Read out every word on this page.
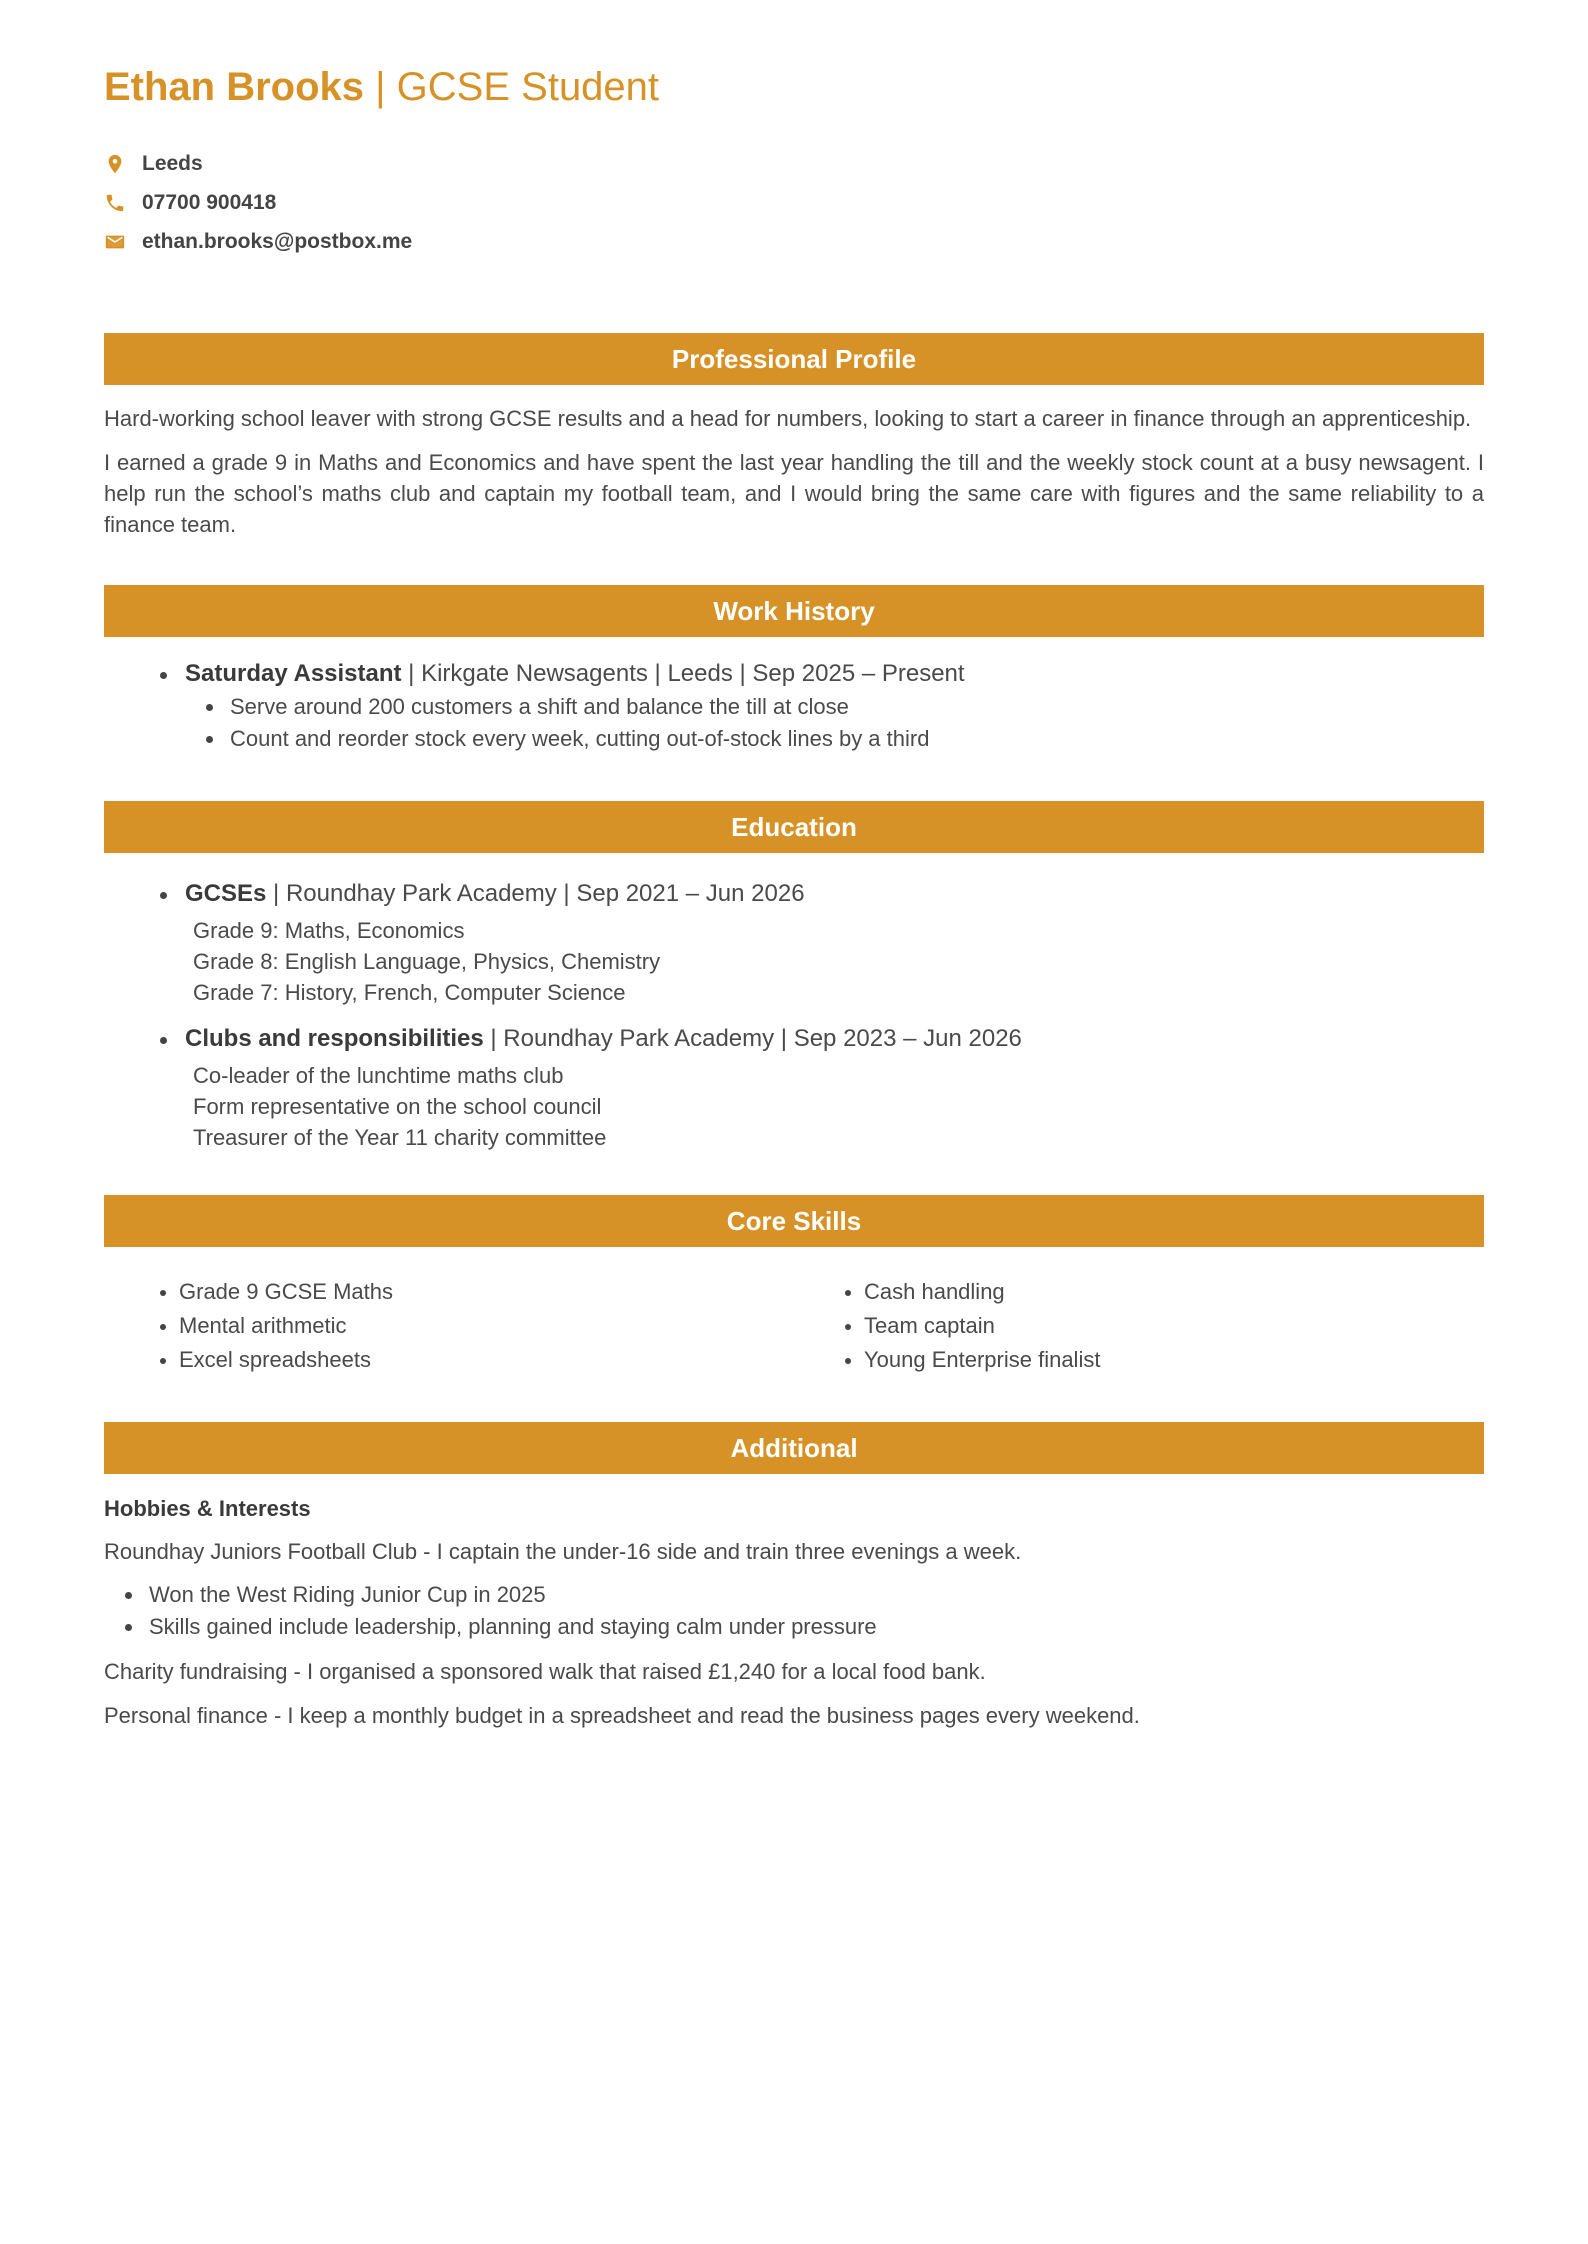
Ethan Brooks | GCSE Student
Leeds
07700 900418
ethan.brooks@postbox.me
Professional Profile

Hard-working school leaver with strong GCSE results and a head for numbers, looking to start a career in finance through an apprenticeship.

I earned a grade 9 in Maths and Economics and have spent the last year handling the till and the weekly stock count at a busy newsagent. I help run the school’s maths club and captain my football team, and I would bring the same care with figures and the same reliability to a finance team.

Work History
Saturday Assistant | Kirkgate Newsagents | Leeds | Sep 2025 – Present
Serve around 200 customers a shift and balance the till at close
Count and reorder stock every week, cutting out-of-stock lines by a third
Education
GCSEs | Roundhay Park Academy | Sep 2021 – Jun 2026
Grade 9: Maths, Economics
Grade 8: English Language, Physics, Chemistry
Grade 7: History, French, Computer Science
Clubs and responsibilities | Roundhay Park Academy | Sep 2023 – Jun 2026
Co-leader of the lunchtime maths club
Form representative on the school council
Treasurer of the Year 11 charity committee
Core Skills
Grade 9 GCSE Maths
Mental arithmetic
Excel spreadsheets
Cash handling
Team captain
Young Enterprise finalist
Additional
Hobbies & Interests

Roundhay Juniors Football Club - I captain the under-16 side and train three evenings a week.

Won the West Riding Junior Cup in 2025
Skills gained include leadership, planning and staying calm under pressure

Charity fundraising - I organised a sponsored walk that raised £1,240 for a local food bank.

Personal finance - I keep a monthly budget in a spreadsheet and read the business pages every weekend.
